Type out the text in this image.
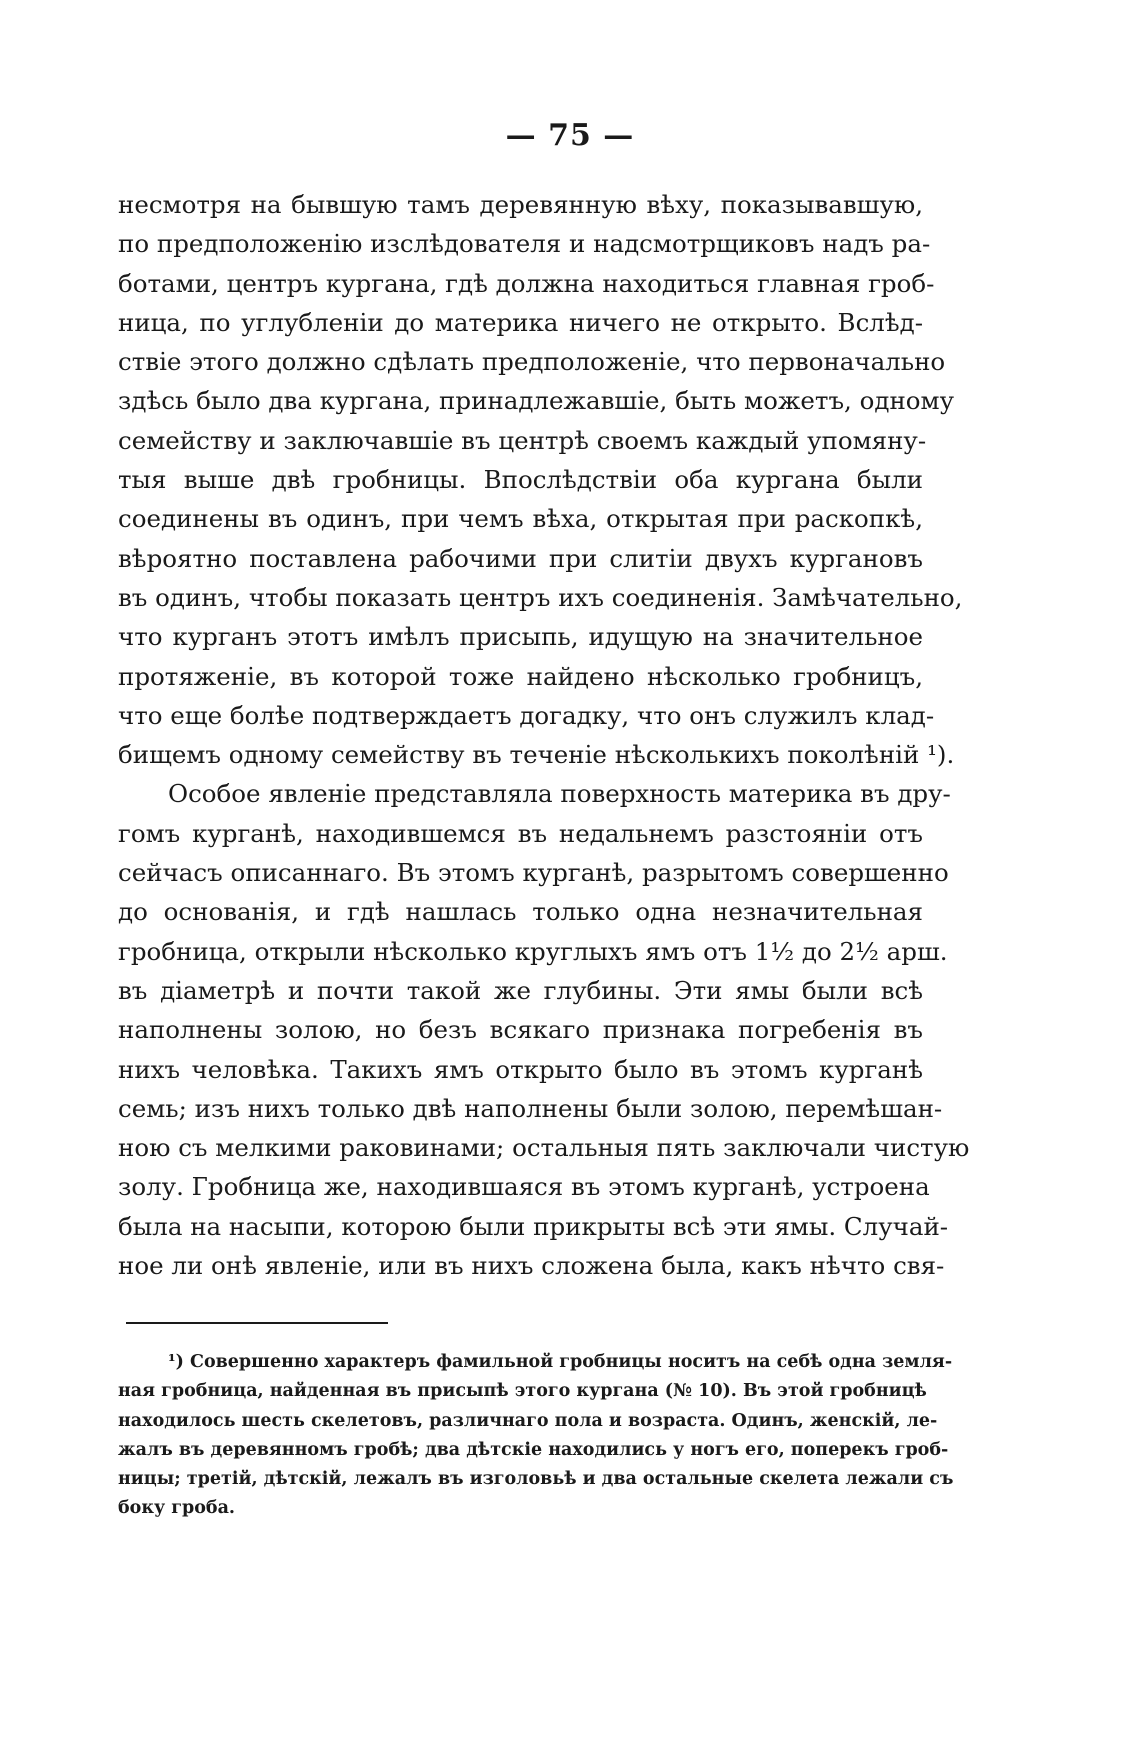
— 75 —
несмотря на бывшую тамъ деревянную вѣху, показывавшую,
по предположенію изслѣдователя и надсмотрщиковъ надъ ра-
ботами, центръ кургана, гдѣ должна находиться главная гроб-
ница, по углубленіи до материка ничего не открыто. Вслѣд-
ствіе этого должно сдѣлать предположеніе, что первоначально
здѣсь было два кургана, принадлежавшіе, быть можетъ, одному
семейству и заключавшіе въ центрѣ своемъ каждый упомяну-
тыя выше двѣ гробницы. Впослѣдствіи оба кургана были
соединены въ одинъ, при чемъ вѣха, открытая при раскопкѣ,
вѣроятно поставлена рабочими при слитіи двухъ кургановъ
въ одинъ, чтобы показать центръ ихъ соединенія. Замѣчательно,
что курганъ этотъ имѣлъ присыпь, идущую на значительное
протяженіе, въ которой тоже найдено нѣсколько гробницъ,
что еще болѣе подтверждаетъ догадку, что онъ служилъ клад-
бищемъ одному семейству въ теченіе нѣсколькихъ поколѣній ¹).
Особое явленіе представляла поверхность материка въ дру-
гомъ курганѣ, находившемся въ недальнемъ разстояніи отъ
сейчасъ описаннаго. Въ этомъ курганѣ, разрытомъ совершенно
до основанія, и гдѣ нашлась только одна незначительная
гробница, открыли нѣсколько круглыхъ ямъ отъ 1½ до 2½ арш.
въ діаметрѣ и почти такой же глубины. Эти ямы были всѣ
наполнены золою, но безъ всякаго признака погребенія въ
нихъ человѣка. Такихъ ямъ открыто было въ этомъ курганѣ
семь; изъ нихъ только двѣ наполнены были золою, перемѣшан-
ною съ мелкими раковинами; остальныя пять заключали чистую
золу. Гробница же, находившаяся въ этомъ курганѣ, устроена
была на насыпи, которою были прикрыты всѣ эти ямы. Случай-
ное ли онѣ явленіе, или въ нихъ сложена была, какъ нѣчто свя-
¹) Совершенно характеръ фамильной гробницы носитъ на себѣ одна земля-
ная гробница, найденная въ присыпѣ этого кургана (№ 10). Въ этой гробницѣ
находилось шесть скелетовъ, различнаго пола и возраста. Одинъ, женскій, ле-
жалъ въ деревянномъ гробѣ; два дѣтскіе находились у ногъ его, поперекъ гроб-
ницы; третій, дѣтскій, лежалъ въ изголовьѣ и два остальные скелета лежали съ
боку гроба.
